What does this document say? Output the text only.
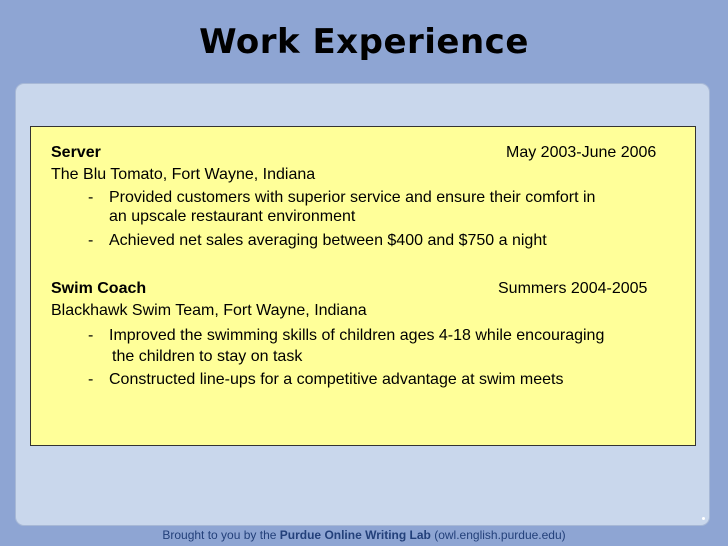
Work Experience
Server	May 2003-June 2006
The Blu Tomato, Fort Wayne, Indiana
- Provided customers with superior service and ensure their comfort in
an upscale restaurant environment
- Achieved net sales averaging between $400 and $750 a night
Swim Coach	Summers 2004-2005
Blackhawk Swim Team, Fort Wayne, Indiana
- Improved the swimming skills of children ages 4-18 while encouraging
the children to stay on task
- Constructed line-ups for a competitive advantage at swim meets
Brought to you by the Purdue Online Writing Lab (owl.english.purdue.edu)
